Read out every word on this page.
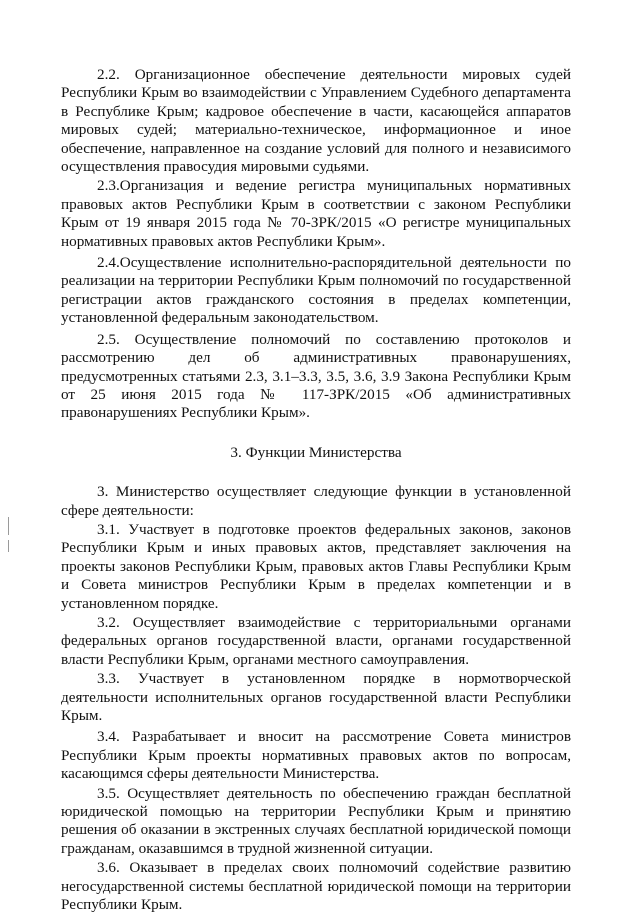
2.2. Организационное обеспечение деятельности мировых судей Республики Крым во взаимодействии с Управлением Судебного департамента в Республике Крым; кадровое обеспечение в части, касающейся аппаратов мировых судей; материально-техническое, информационное и иное обеспечение, направленное на создание условий для полного и независимого осуществления правосудия мировыми судьями.

2.3.Организация и ведение регистра муниципальных нормативных правовых актов Республики Крым в соответствии с законом Республики Крым от 19 января 2015 года № 70-ЗРК/2015 «О регистре муниципальных нормативных правовых актов Республики Крым».

2.4.Осуществление исполнительно-распорядительной деятельности по реализации на территории Республики Крым полномочий по государственной регистрации актов гражданского состояния в пределах компетенции, установленной федеральным законодательством.

2.5. Осуществление полномочий по составлению протоколов и рассмотрению дел об административных правонарушениях, предусмотренных статьями 2.3, 3.1–3.3, 3.5, 3.6, 3.9 Закона Республики Крым от 25 июня 2015 года № 117-ЗРК/2015 «Об административных правонарушениях Республики Крым».

3. Функции Министерства

3. Министерство осуществляет следующие функции в установленной сфере деятельности:

3.1. Участвует в подготовке проектов федеральных законов, законов Республики Крым и иных правовых актов, представляет заключения на проекты законов Республики Крым, правовых актов Главы Республики Крым и Совета министров Республики Крым в пределах компетенции и в установленном порядке.

3.2. Осуществляет взаимодействие с территориальными органами федеральных органов государственной власти, органами государственной власти Республики Крым, органами местного самоуправления.

3.3. Участвует в установленном порядке в нормотворческой деятельности исполнительных органов государственной власти Республики Крым.

3.4. Разрабатывает и вносит на рассмотрение Совета министров Республики Крым проекты нормативных правовых актов по вопросам, касающимся сферы деятельности Министерства.

3.5. Осуществляет деятельность по обеспечению граждан бесплатной юридической помощью на территории Республики Крым и принятию решения об оказании в экстренных случаях бесплатной юридической помощи гражданам, оказавшимся в трудной жизненной ситуации.

3.6. Оказывает в пределах своих полномочий содействие развитию негосударственной системы бесплатной юридической помощи на территории Республики Крым.
